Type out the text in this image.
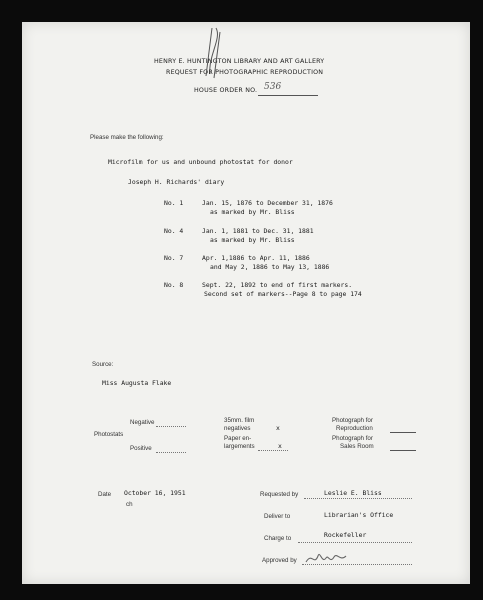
HENRY E. HUNTINGTON LIBRARY AND ART GALLERY
REQUEST FOR PHOTOGRAPHIC REPRODUCTION
HOUSE ORDER NO. 536
Please make the following:
Microfilm for us and unbound photostat for donor
Joseph H. Richards' diary
No. 1	Jan. 15, 1876 to December 31, 1876
as marked by Mr. Bliss
No. 4	Jan. 1, 1881 to Dec. 31, 1881
as marked by Mr. Bliss
No. 7	Apr. 1,1886 to Apr. 11, 1886
and May 2, 1886 to May 13, 1886
No. 8	Sept. 22, 1892 to end of first markers.
Second set of markers--Page 8 to page 174
Source:
Miss Augusta Flake
Negative
Photostats
Positive
35mm. film
negatives	x
Paper en-
largements	x
Photograph for
Reproduction
Photograph for
Sales Room
Date October 16, 1951
ch
Requested by	Leslie E. Bliss
Deliver to	Librarian's Office
Charge to	Rockefeller
Approved by
